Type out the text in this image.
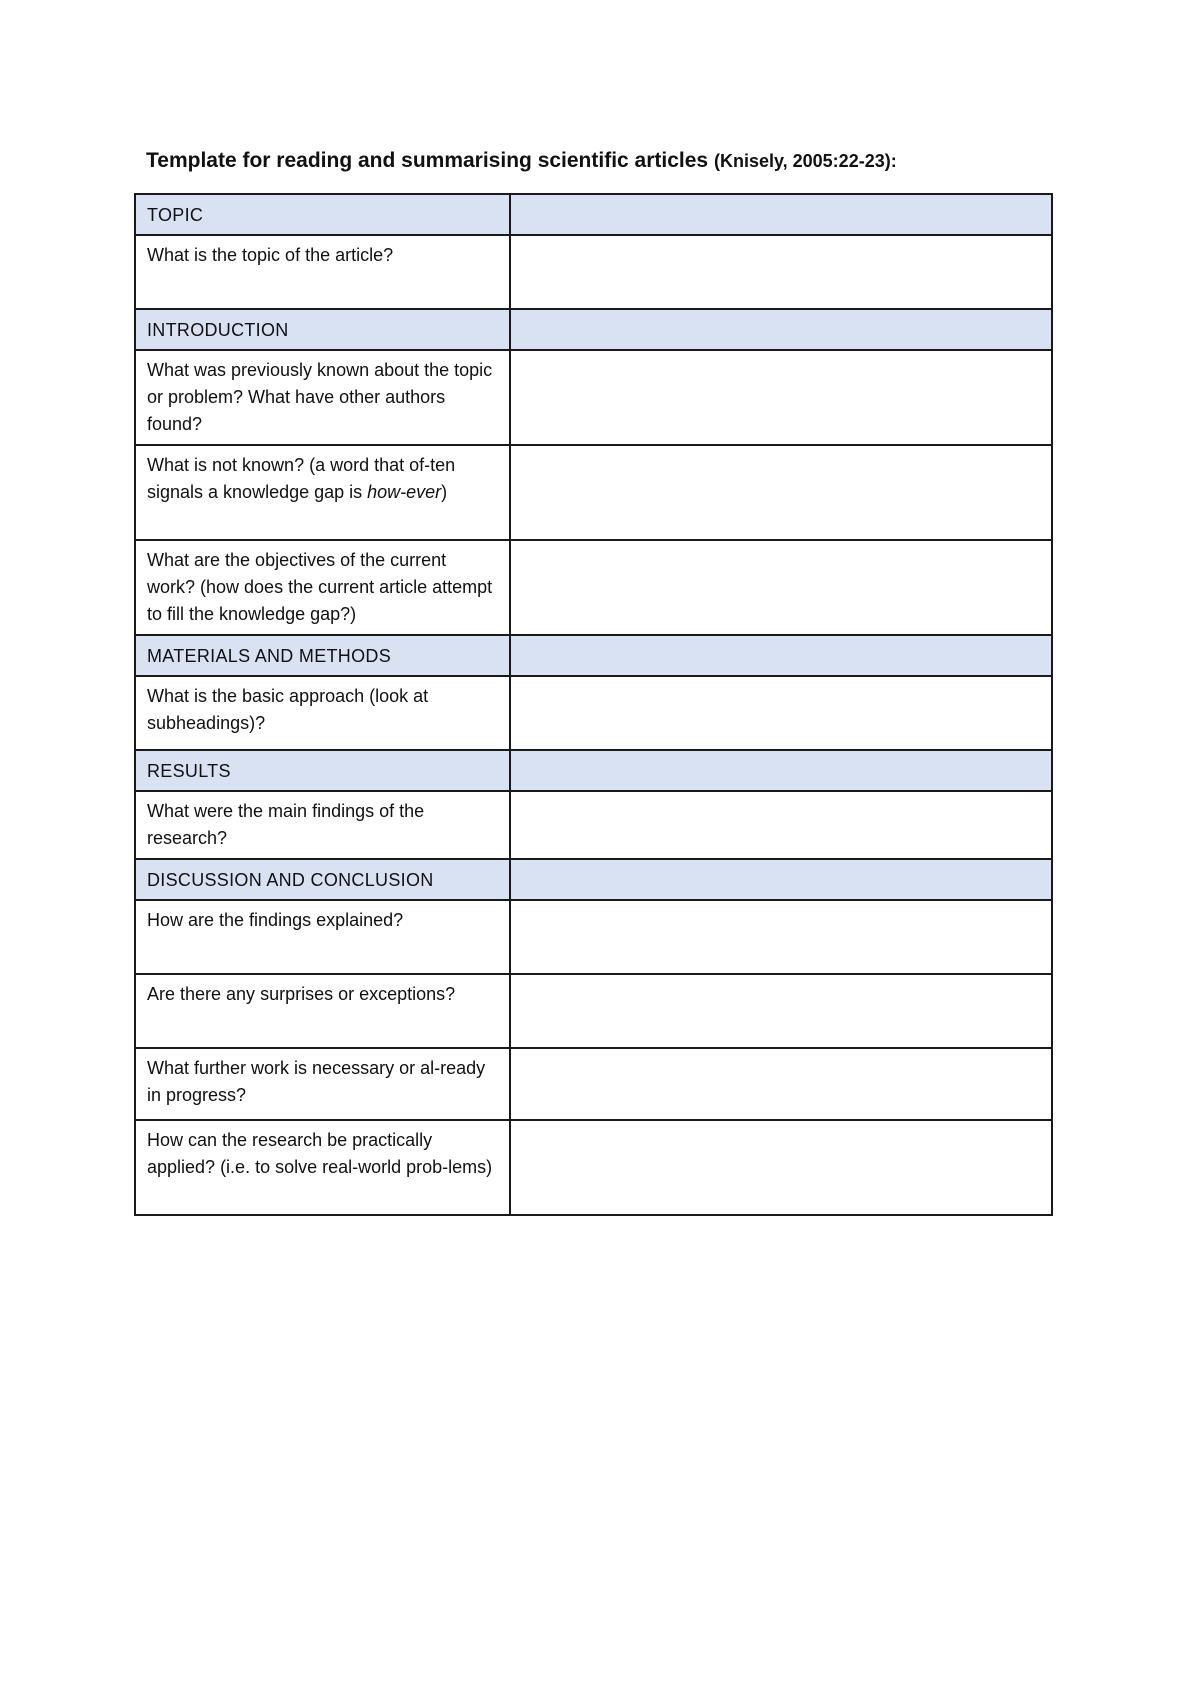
Template for reading and summarising scientific articles (Knisely, 2005:22-23):
TOPIC	
What is the topic of the article?	
INTRODUCTION	
What was previously known about the topic or problem? What have other authors found?	
What is not known? (a word that of-ten signals a knowledge gap is how-ever)	
What are the objectives of the current work? (how does the current article attempt to fill the knowledge gap?)	
MATERIALS AND METHODS	
What is the basic approach (look at subheadings)?	
RESULTS	
What were the main findings of the research?	
DISCUSSION AND CONCLUSION	
How are the findings explained?	
Are there any surprises or exceptions?	
What further work is necessary or al-ready in progress?	
How can the research be practically applied? (i.e. to solve real-world prob-lems)	
